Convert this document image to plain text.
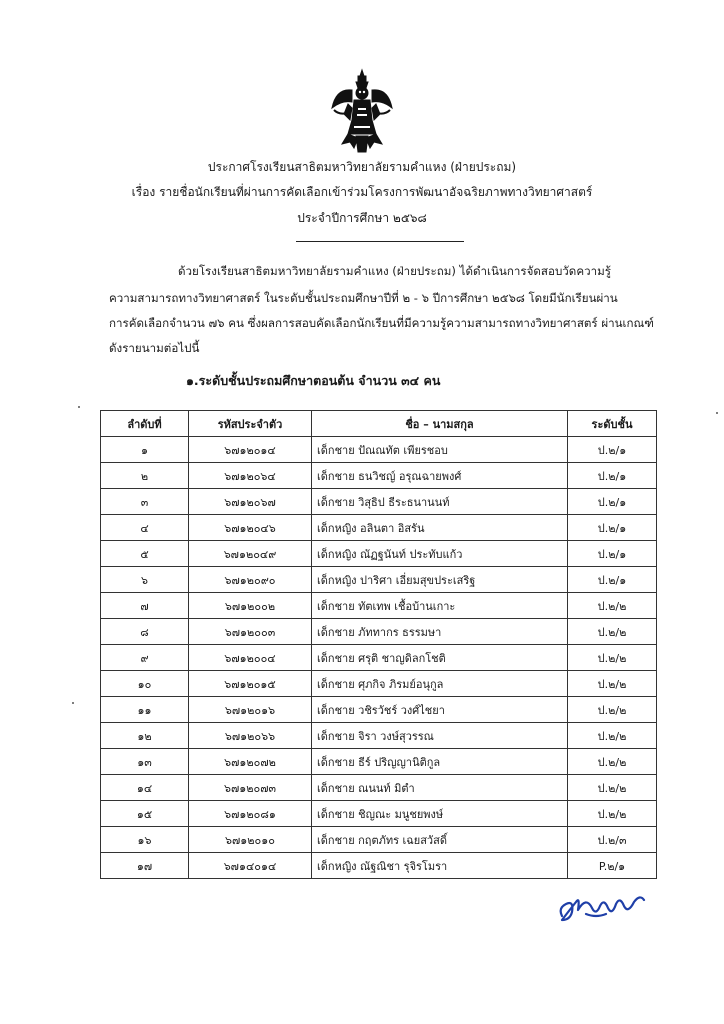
ประกาศโรงเรียนสาธิตมหาวิทยาลัยรามคำแหง (ฝ่ายประถม)
เรื่อง รายชื่อนักเรียนที่ผ่านการคัดเลือกเข้าร่วมโครงการพัฒนาอัจฉริยภาพทางวิทยาศาสตร์
ประจำปีการศึกษา ๒๕๖๘
ด้วยโรงเรียนสาธิตมหาวิทยาลัยรามคำแหง (ฝ่ายประถม) ได้ดำเนินการจัดสอบวัดความรู้
ความสามารถทางวิทยาศาสตร์ ในระดับชั้นประถมศึกษาปีที่ ๒ - ๖ ปีการศึกษา ๒๕๖๘ โดยมีนักเรียนผ่าน
การคัดเลือกจำนวน ๗๖ คน ซึ่งผลการสอบคัดเลือกนักเรียนที่มีความรู้ความสามารถทางวิทยาศาสตร์ ผ่านเกณฑ์
ดังรายนามต่อไปนี้
๑.ระดับชั้นประถมศึกษาตอนต้น จำนวน ๓๔ คน
ลำดับที่	รหัสประจำตัว	ชื่อ – นามสกุล	ระดับชั้น
๑	๖๗๑๒๐๑๔	เด็กชาย ปัณณทัต เพียรชอบ	ป.๒/๑
๒	๖๗๑๒๐๖๔	เด็กชาย ธนวิชญ์ อรุณฉายพงศ์	ป.๒/๑
๓	๖๗๑๒๐๖๗	เด็กชาย วิสุธิป ธีระธนานนท์	ป.๒/๑
๔	๖๗๑๒๐๔๖	เด็กหญิง อลินตา อิสรัน	ป.๒/๑
๕	๖๗๑๒๐๔๙	เด็กหญิง ณัฏฐนันท์ ประทับแก้ว	ป.๒/๑
๖	๖๗๑๒๐๙๐	เด็กหญิง ปาริศา เอี่ยมสุขประเสริฐ	ป.๒/๑
๗	๖๗๑๒๐๐๒	เด็กชาย ทัตเทพ เชื้อบ้านเกาะ	ป.๒/๒
๘	๖๗๑๒๐๐๓	เด็กชาย ภัททากร ธรรมษา	ป.๒/๒
๙	๖๗๑๒๐๐๔	เด็กชาย ศรุติ ชาญดิลกโชติ	ป.๒/๒
๑๐	๖๗๑๒๐๑๕	เด็กชาย ศุภกิจ ภิรมย์อนุกูล	ป.๒/๒
๑๑	๖๗๑๒๐๑๖	เด็กชาย วชิรวัชร์ วงศ์ไชยา	ป.๒/๒
๑๒	๖๗๑๒๐๖๖	เด็กชาย จิรา วงษ์สุวรรณ	ป.๒/๒
๑๓	๖๗๑๒๐๗๒	เด็กชาย ธีร์ ปริญญานิติกูล	ป.๒/๒
๑๔	๖๗๑๒๐๗๓	เด็กชาย ณนนท์ มิตำ	ป.๒/๒
๑๕	๖๗๑๒๐๘๑	เด็กชาย ชิญณะ มนูชยพงษ์	ป.๒/๒
๑๖	๖๗๑๒๐๑๐	เด็กชาย กฤตภัทร เฉยสวัสดิ์	ป.๒/๓
๑๗	๖๗๑๔๐๑๔	เด็กหญิง ณัฐณิชา รุจิรโมรา	P.๒/๑
